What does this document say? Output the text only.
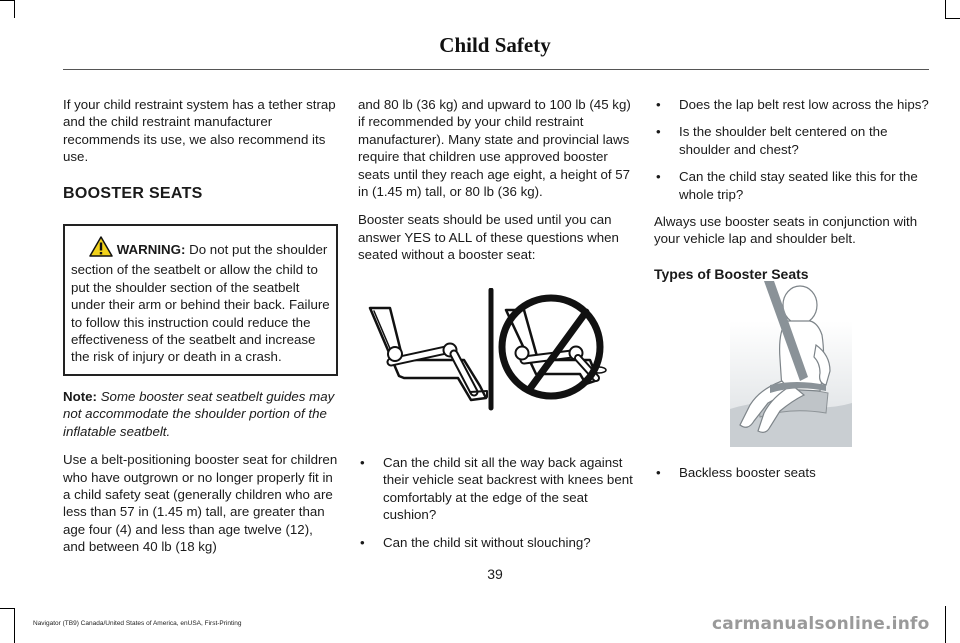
Child Safety

If your child restraint system has a tether strap and the child restraint manufacturer recommends its use, we also recommend its use.

BOOSTER SEATS
WARNING: Do not put the shoulder section of the seatbelt or allow the child to put the shoulder section of the seatbelt under their arm or behind their back. Failure to follow this instruction could reduce the effectiveness of the seatbelt and increase the risk of injury or death in a crash.

Note: Some booster seat seatbelt guides may not accommodate the shoulder portion of the inflatable seatbelt.

Use a belt-positioning booster seat for children who have outgrown or no longer properly fit in a child safety seat (generally children who are less than 57 in (1.45 m) tall, are greater than age four (4) and less than age twelve (12), and between 40 lb (18 kg)

and 80 lb (36 kg) and upward to 100 lb (45 kg) if recommended by your child restraint manufacturer). Many state and provincial laws require that children use approved booster seats until they reach age eight, a height of 57 in (1.45 m) tall, or 80 lb (36 kg).

Booster seats should be used until you can answer YES to ALL of these questions when seated without a booster seat:

• Can the child sit all the way back against their vehicle seat backrest with knees bent comfortably at the edge of the seat cushion?
• Can the child sit without slouching?
• Does the lap belt rest low across the hips?
• Is the shoulder belt centered on the shoulder and chest?
• Can the child stay seated like this for the whole trip?

Always use booster seats in conjunction with your vehicle lap and shoulder belt.

Types of Booster Seats
• Backless booster seats
39
Navigator (TB9) Canada/United States of America, enUSA, First-Printing	carmanualsonline.info
